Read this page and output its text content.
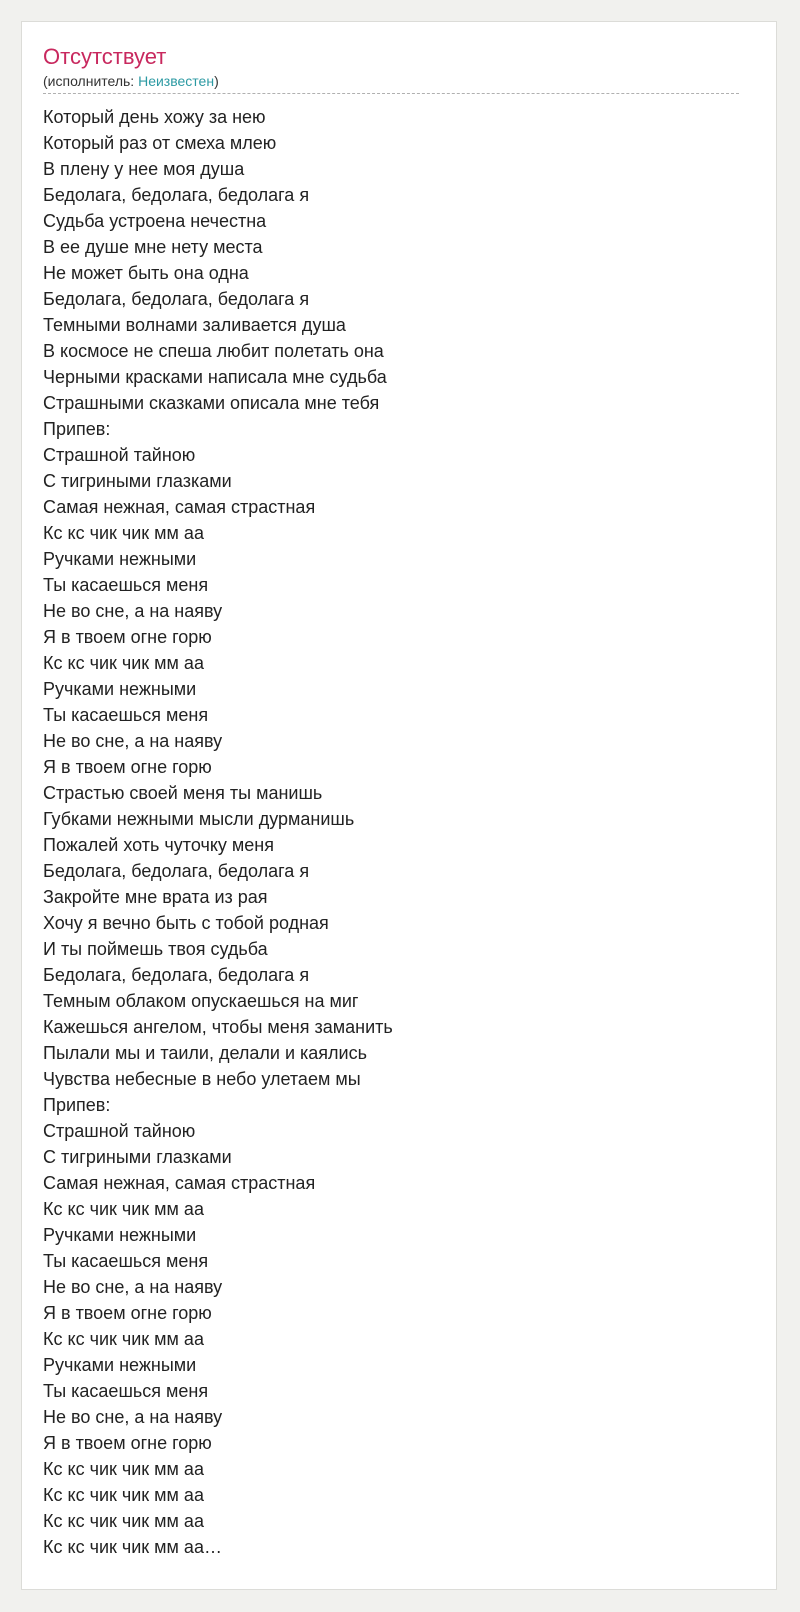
Отсутствует
(исполнитель: Неизвестен)
Который день хожу за нею
Который раз от смеха млею
В плену у нее моя душа
Бедолага, бедолага, бедолага я
Судьба устроена нечестна
В ее душе мне нету места
Не может быть она одна
Бедолага, бедолага, бедолага я
Темными волнами заливается душа
В космосе не спеша любит полетать она
Черными красками написала мне судьба
Страшными сказками описала мне тебя
Припев:
Страшной тайною
С тигриными глазками
Самая нежная, самая страстная
Кс кс чик чик мм аа
Ручками нежными
Ты касаешься меня
Не во сне, а на наяву
Я в твоем огне горю
Кс кс чик чик мм аа
Ручками нежными
Ты касаешься меня
Не во сне, а на наяву
Я в твоем огне горю
Страстью своей меня ты манишь
Губками нежными мысли дурманишь
Пожалей хоть чуточку меня
Бедолага, бедолага, бедолага я
Закройте мне врата из рая
Хочу я вечно быть с тобой родная
И ты поймешь твоя судьба
Бедолага, бедолага, бедолага я
Темным облаком опускаешься на миг
Кажешься ангелом, чтобы меня заманить
Пылали мы и таили, делали и каялись
Чувства небесные в небо улетаем мы
Припев:
Страшной тайною
С тигриными глазками
Самая нежная, самая страстная
Кс кс чик чик мм аа
Ручками нежными
Ты касаешься меня
Не во сне, а на наяву
Я в твоем огне горю
Кс кс чик чик мм аа
Ручками нежными
Ты касаешься меня
Не во сне, а на наяву
Я в твоем огне горю
Кс кс чик чик мм аа
Кс кс чик чик мм аа
Кс кс чик чик мм аа
Кс кс чик чик мм аа…
